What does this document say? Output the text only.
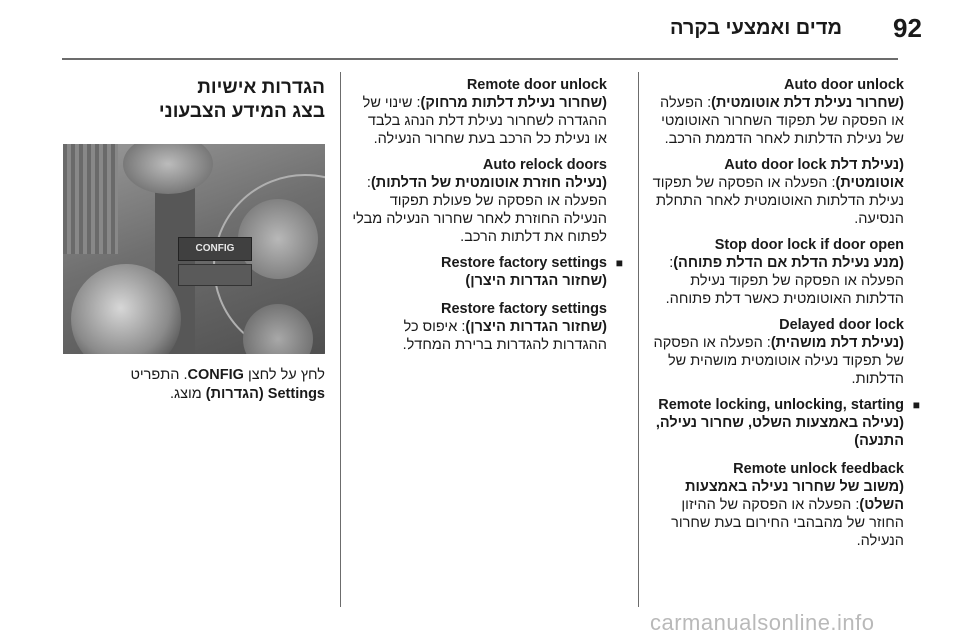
92
מדים ואמצעי בקרה
Auto door unlock
(שחרור נעילת דלת אוטומטית): הפעלה או הפסקה של תפקוד השחרור האוטומטי של נעילת הדלתות לאחר הדממת הרכב.
(נעילת דלת Auto door lock
אוטומטית): הפעלה או הפסקה של תפקוד נעילת הדלתות האוטומטית לאחר התחלת הנסיעה.
Stop door lock if door open
(מנע נעילת הדלת אם הדלת פתוחה): הפעלה או הפסקה של תפקוד נעילת הדלתות האוטומטית כאשר דלת פתוחה.
Delayed door lock
(נעילת דלת מושהית): הפעלה או הפסקה של תפקוד נעילה אוטומטית מושהית של הדלתות.
■
Remote locking, unlocking, starting
(נעילה באמצעות השלט, שחרור נעילה, התנעה)
Remote unlock feedback
(משוב של שחרור נעילה באמצעות השלט): הפעלה או הפסקה של ההיזון החוזר של מהבהבי החירום בעת שחרור הנעילה.
Remote door unlock
(שחרור נעילת דלתות מרחוק): שינוי של ההגדרה לשחרור נעילת דלת הנהג בלבד או נעילת כל הרכב בעת שחרור הנעילה.
Auto relock doors
(נעילה חוזרת אוטומטית של הדלתות): הפעלה או הפסקה של פעולת תפקוד הנעילה החוזרת לאחר שחרור הנעילה מבלי לפתוח את דלתות הרכב.
■
Restore factory settings
(שחזור הגדרות היצרן)
Restore factory settings
(שחזור הגדרות היצרן): איפוס כל ההגדרות להגדרות ברירת המחדל.
הגדרות אישיות
בצג המידע הצבעוני
CONFIG
לחץ על לחצן CONFIG. התפריט
Settings (הגדרות) מוצג.
carmanualsonline.info
